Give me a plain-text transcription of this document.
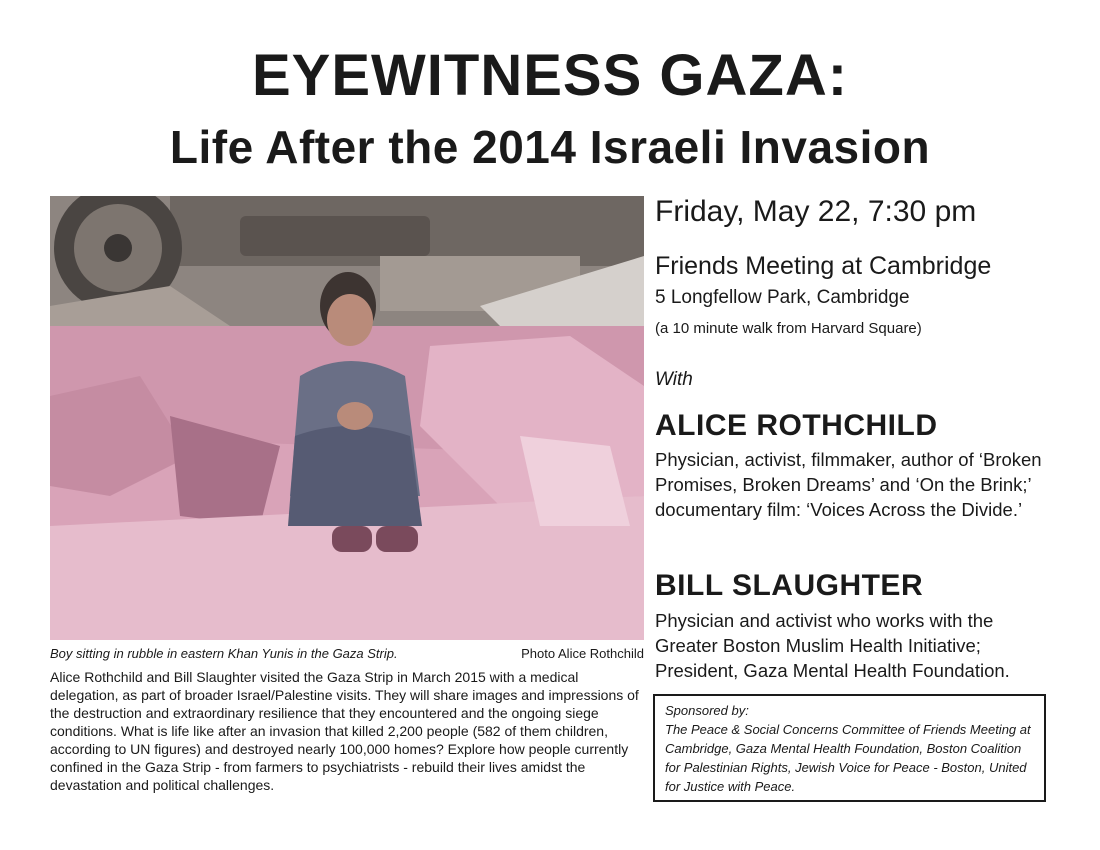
EYEWITNESS GAZA:
Life After the 2014 Israeli Invasion
Boy sitting in rubble in eastern Khan Yunis in the Gaza Strip.	Photo Alice Rothchild

Alice Rothchild and Bill Slaughter visited the Gaza Strip in March 2015 with a medical delegation, as part of broader Israel/Palestine visits. They will share images and impressions of the destruction and extraordinary resilience that they encountered and the ongoing siege conditions. What is life like after an invasion that killed 2,200 people (582 of them children, according to UN figures) and destroyed nearly 100,000 homes? Explore how people currently confined in the Gaza Strip - from farmers to psychiatrists - rebuild their lives amidst the devastation and political challenges.

Friday, May 22, 7:30 pm
Friends Meeting at Cambridge
5 Longfellow Park, Cambridge
(a 10 minute walk from Harvard Square)
With
ALICE ROTHCHILD
Physician, activist, filmmaker, author of ‘Broken Promises, Broken Dreams’ and ‘On the Brink;’ documentary film: ‘Voices Across the Divide.’
BILL SLAUGHTER
Physician and activist who works with the Greater Boston Muslim Health Initiative; President, Gaza Mental Health Foundation.
Sponsored by:
The Peace & Social Concerns Committee of Friends Meeting at Cambridge, Gaza Mental Health Foundation, Boston Coalition for Palestinian Rights, Jewish Voice for Peace - Boston, United for Justice with Peace.
